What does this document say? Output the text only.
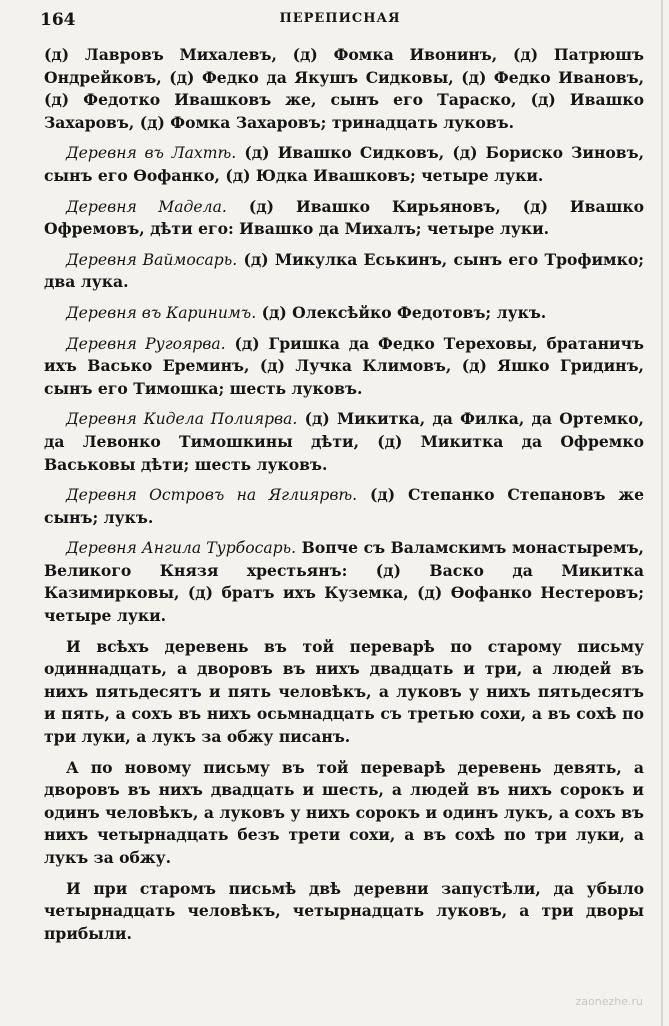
164	ПЕРЕПИСНАЯ

(д) Лавровъ Михалевъ, (д) Фомка Ивонинъ, (д) Патрюшъ Ондрейковъ, (д) Федко да Якушъ Сидковы, (д) Федко Ивановъ, (д) Федотко Ивашковъ же, сынъ его Тараско, (д) Ивашко Захаровъ, (д) Фомка Захаровъ; тринадцать луковъ.

Деревня въ Лахтѣ. (д) Ивашко Сидковъ, (д) Бориско Зиновъ, сынъ его Ѳофанко, (д) Юдка Ивашковъ; четыре луки.

Деревня Мадела. (д) Ивашко Кирьяновъ, (д) Ивашко Офремовъ, дѣти его: Ивашко да Михалъ; четыре луки.

Деревня Ваймосарь. (д) Микулка Еськинъ, сынъ его Трофимко; два лука.

Деревня въ Каринимъ. (д) Олексѣйко Федотовъ; лукъ.

Деревня Ругоярва. (д) Гришка да Федко Тереховы, братаничъ ихъ Васько Ереминъ, (д) Лучка Климовъ, (д) Яшко Гридинъ, сынъ его Тимошка; шесть луковъ.

Деревня Кидела Полиярва. (д) Микитка, да Филка, да Ортемко, да Левонко Тимошкины дѣти, (д) Микитка да Офремко Васьковы дѣти; шесть луковъ.

Деревня Островъ на Яглиярвѣ. (д) Степанко Степановъ же сынъ; лукъ.

Деревня Ангила Турбосарь. Вопче съ Валамскимъ монастыремъ, Великого Князя хрестьянъ: (д) Васко да Микитка Казимирковы, (д) братъ ихъ Куземка, (д) Ѳофанко Нестеровъ; четыре луки.

И всѣхъ деревень въ той переварѣ по старому письму одиннадцать, а дворовъ въ нихъ двадцать и три, а людей въ нихъ пятьдесятъ и пять человѣкъ, а луковъ у нихъ пятьдесятъ и пять, а сохъ въ нихъ осьмнадцать съ третью сохи, а въ сохѣ по три луки, а лукъ за обжу писанъ.

А по новому письму въ той переварѣ деревень девять, а дворовъ въ нихъ двадцать и шесть, а людей въ нихъ сорокъ и одинъ человѣкъ, а луковъ у нихъ сорокъ и одинъ лукъ, а сохъ въ нихъ четырнадцать безъ трети сохи, а въ сохѣ по три луки, а лукъ за обжу.

И при старомъ письмѣ двѣ деревни запустѣли, да убыло четырнадцать человѣкъ, четырнадцать луковъ, а три дворы прибыли.

zaonezhe.ru
